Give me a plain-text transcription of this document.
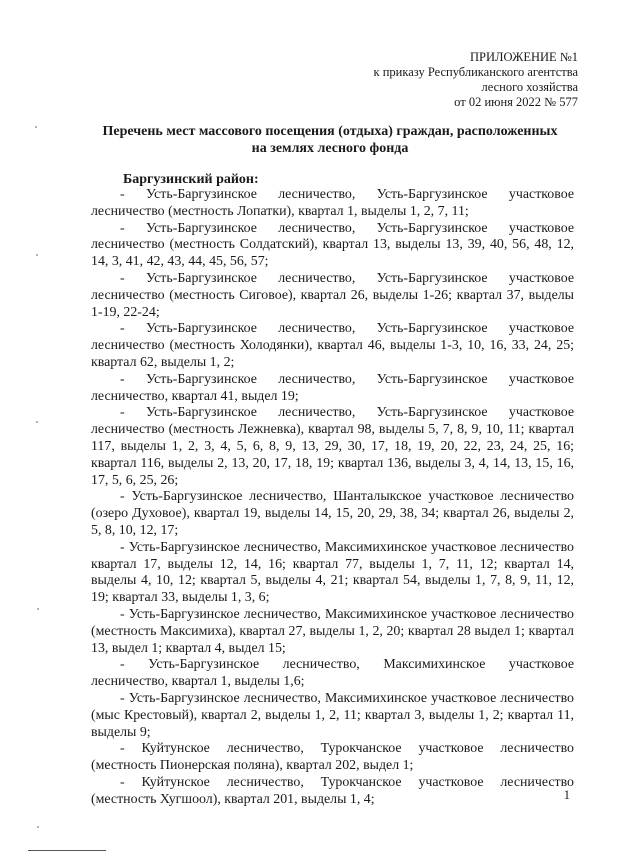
ПРИЛОЖЕНИЕ №1
к приказу Республиканского агентства
лесного хозяйства
от 02 июня 2022 № 577
Перечень мест массового посещения (отдыха) граждан, расположенных
на землях лесного фонда
Баргузинский район:

- Усть-Баргузинское лесничество, Усть-Баргузинское участковое лесничество (местность Лопатки), квартал 1, выделы 1, 2, 7, 11;

- Усть-Баргузинское лесничество, Усть-Баргузинское участковое лесничество (местность Солдатский), квартал 13, выделы 13, 39, 40, 56, 48, 12, 14, 3, 41, 42, 43, 44, 45, 56, 57;

- Усть-Баргузинское лесничество, Усть-Баргузинское участковое лесничество (местность Сиговое), квартал 26, выделы 1-26; квартал 37, выделы 1-19, 22-24;

- Усть-Баргузинское лесничество, Усть-Баргузинское участковое лесничество (местность Холодянки), квартал 46, выделы 1-3, 10, 16, 33, 24, 25; квартал 62, выделы 1, 2;

- Усть-Баргузинское лесничество, Усть-Баргузинское участковое лесничество, квартал 41, выдел 19;

- Усть-Баргузинское лесничество, Усть-Баргузинское участковое лесничество (местность Лежневка), квартал 98, выделы 5, 7, 8, 9, 10, 11; квартал 117, выделы 1, 2, 3, 4, 5, 6, 8, 9, 13, 29, 30, 17, 18, 19, 20, 22, 23, 24, 25, 16; квартал 116, выделы 2, 13, 20, 17, 18, 19; квартал 136, выделы 3, 4, 14, 13, 15, 16, 17, 5, 6, 25, 26;

- Усть-Баргузинское лесничество, Шанталыкское участковое лесничество (озеро Духовое), квартал 19, выделы 14, 15, 20, 29, 38, 34; квартал 26, выделы 2, 5, 8, 10, 12, 17;

- Усть-Баргузинское лесничество, Максимихинское участковое лесничество квартал 17, выделы 12, 14, 16; квартал 77, выделы 1, 7, 11, 12; квартал 14, выделы 4, 10, 12; квартал 5, выделы 4, 21; квартал 54, выделы 1, 7, 8, 9, 11, 12, 19; квартал 33, выделы 1, 3, 6;

- Усть-Баргузинское лесничество, Максимихинское участковое лесничество (местность Максимиха), квартал 27, выделы 1, 2, 20; квартал 28 выдел 1; квартал 13, выдел 1; квартал 4, выдел 15;

- Усть-Баргузинское лесничество, Максимихинское участковое лесничество, квартал 1, выделы 1,6;

- Усть-Баргузинское лесничество, Максимихинское участковое лесничество (мыс Крестовый), квартал 2, выделы 1, 2, 11; квартал 3, выделы 1, 2; квартал 11, выделы 9;

- Куйтунское лесничество, Турокчанское участковое лесничество (местность Пионерская поляна), квартал 202, выдел 1;

- Куйтунское лесничество, Турокчанское участковое лесничество (местность Хугшоол), квартал 201, выделы 1, 4;	1
